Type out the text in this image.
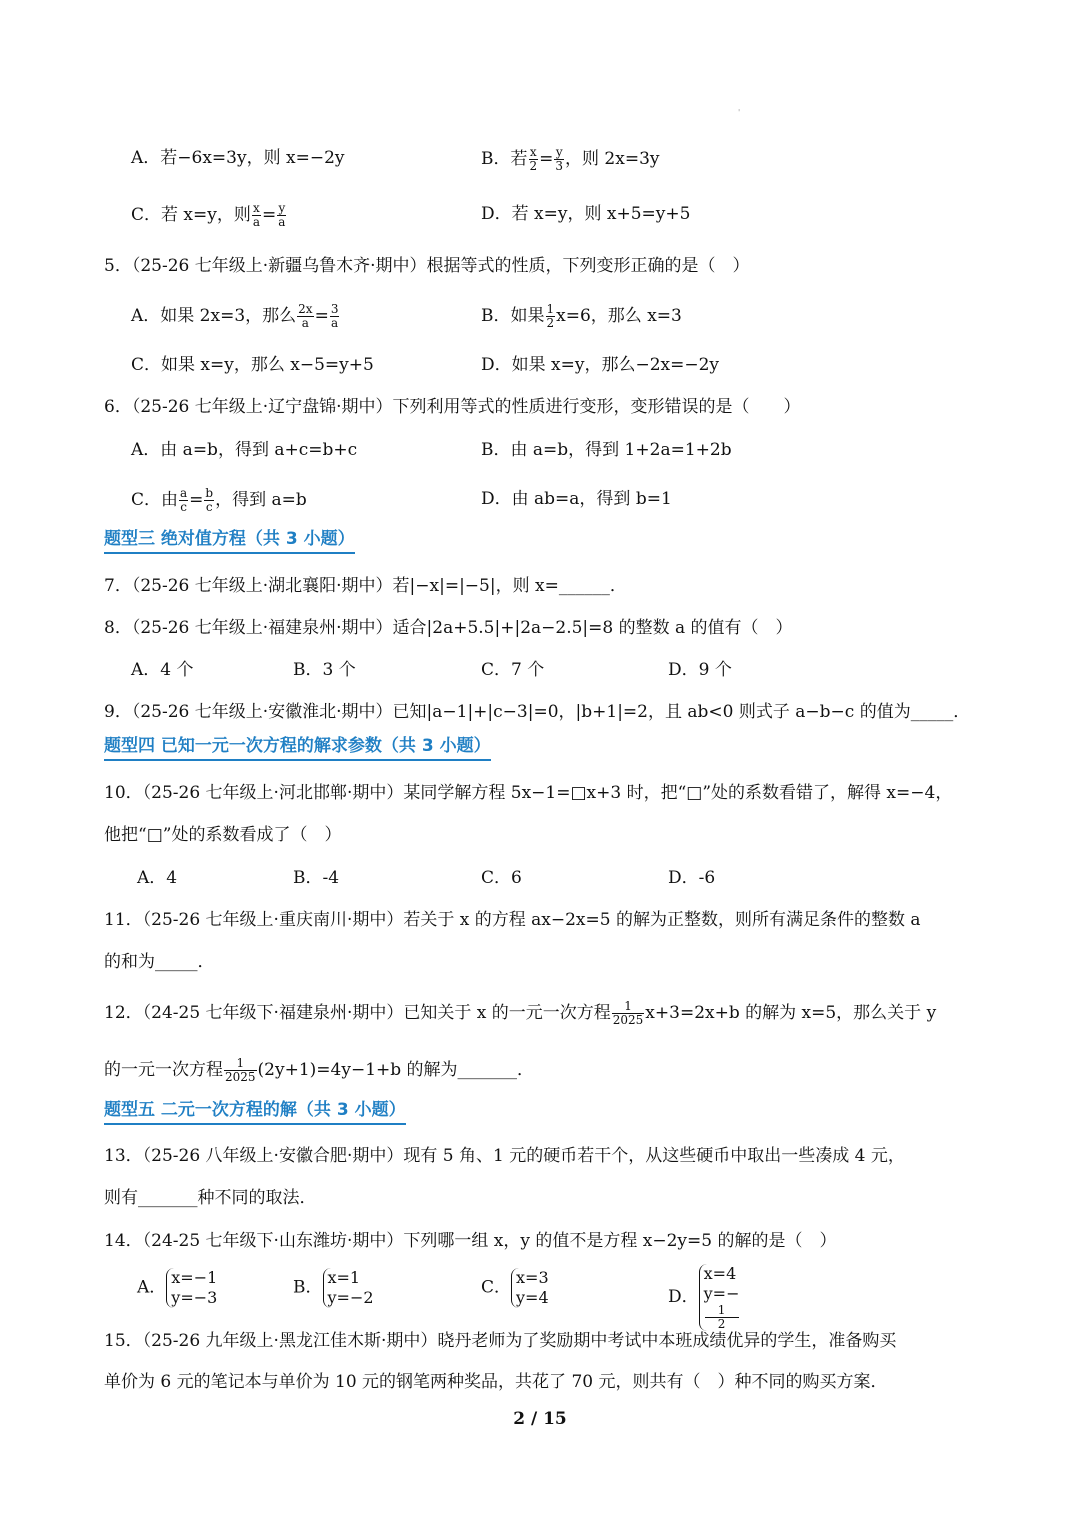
'
A．若−6x=3y，则 x=−2y	B．若 $\frac{x}{2} = \frac{y}{3}$ ，则 2x=3y
C．若 x=y，则 $\frac{x}{a} = \frac{y}{a}$	D．若 x=y，则 x+5=y+5
5．（25-26 七年级上·新疆乌鲁木齐·期中）根据等式的性质，下列变形正确的是（　）
A．如果 2x=3，那么 $\frac{2x}{a} = \frac{3}{a}$	B．如果 $\frac{1}{2} x=6$，那么 x=3
C．如果 x=y，那么 x−5=y+5	D．如果 x=y，那么−2x=−2y
6．（25-26 七年级上·辽宁盘锦·期中）下列利用等式的性质进行变形，变形错误的是（　　）
A．由 a=b，得到 a+c=b+c	B．由 a=b，得到 1+2a=1+2b
C．由 $\frac{a}{c} = \frac{b}{c}$ ，得到 a=b	D．由 ab=a，得到 b=1
题型三 绝对值方程（共 3 小题）
7．（25-26 七年级上·湖北襄阳·期中）若|−x|=|−5|，则 x=______．
8．（25-26 七年级上·福建泉州·期中）适合|2a+5.5|+|2a−2.5|=8 的整数 a 的值有（　）
A．4 个	B．3 个	C．7 个	D．9 个
9．（25-26 七年级上·安徽淮北·期中）已知|a−1|+|c−3|=0，|b+1|=2，且 ab<0 则式子 a−b−c 的值为_____．
题型四 已知一元一次方程的解求参数（共 3 小题）
10．（25-26 七年级上·河北邯郸·期中）某同学解方程 5x−1=□x+3 时，把“□”处的系数看错了，解得 x=−4，
他把“□”处的系数看成了（　）
A．4	B．-4	C．6	D．-6
11．（25-26 七年级上·重庆南川·期中）若关于 x 的方程 ax−2x=5 的解为正整数，则所有满足条件的整数 a
的和为_____．
12．（24-25 七年级下·福建泉州·期中）已知关于 x 的一元一次方程 $\frac{1}{2025} x+3=2x+b$ 的解为 x=5，那么关于 y
的一元一次方程 $\frac{1}{2025} (2y+1)=4y-1+b$ 的解为_______．
题型五 二元一次方程的解（共 3 小题）
13．（25-26 八年级上·安徽合肥·期中）现有 5 角、1 元的硬币若干个，从这些硬币中取出一些凑成 4 元，
则有_______种不同的取法．
14．（24-25 七年级下·山东潍坊·期中）下列哪一组 x，y 的值不是方程 x−2y=5 的解的是（　）
A． x=−1
y=−3	B． x=1
y=−2	C． x=3
y=4	D．
x=4
y=−
1
2
15．（25-26 九年级上·黑龙江佳木斯·期中）晓丹老师为了奖励期中考试中本班成绩优异的学生，准备购买
单价为 6 元的笔记本与单价为 10 元的钢笔两种奖品，共花了 70 元，则共有（　）种不同的购买方案．
2 / 15
